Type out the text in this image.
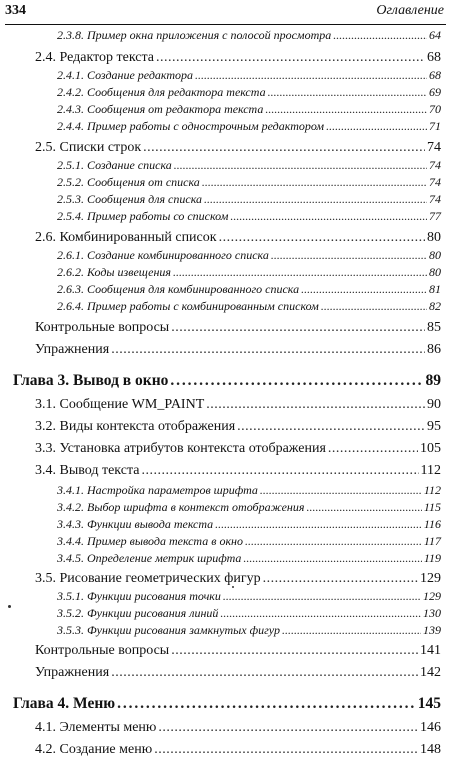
334	Оглавление
2.3.8. Пример окна приложения с полосой просмотра . . .	64
2.4. Редактор текста . . .	68
2.4.1. Создание редактора . . .	68
2.4.2. Сообщения для редактора текста . . .	69
2.4.3. Сообщения от редактора текста . . .	70
2.4.4. Пример работы с однострочным редактором . . .	71
2.5. Списки строк . . .	74
2.5.1. Создание списка . . .	74
2.5.2. Сообщения от списка . . .	74
2.5.3. Сообщения для списка . . .	74
2.5.4. Пример работы со списком . . .	77
2.6. Комбинированный список . . .	80
2.6.1. Создание комбинированного списка . . .	80
2.6.2. Коды извещения . . .	80
2.6.3. Сообщения для комбинированного списка . . .	81
2.6.4. Пример работы с комбинированным списком . . .	82
Контрольные вопросы . . .	85
Упражнения . . .	86
Глава 3. Вывод в окно . . .	89
3.1. Сообщение WM_PAINT . . .	90
3.2. Виды контекста отображения . . .	95
3.3. Установка атрибутов контекста отображения . . .	105
3.4. Вывод текста . . .	112
3.4.1. Настройка параметров шрифта . . .	112
3.4.2. Выбор шрифта в контекст отображения . . .	115
3.4.3. Функции вывода текста . . .	116
3.4.4. Пример вывода текста в окно . . .	117
3.4.5. Определение метрик шрифта . . .	119
3.5. Рисование геометрических фигур . . .	129
3.5.1. Функции рисования точки . . .	129
3.5.2. Функции рисования линий . . .	130
3.5.3. Функции рисования замкнутых фигур . . .	139
Контрольные вопросы . . .	141
Упражнения . . .	142
Глава 4. Меню . . .	145
4.1. Элементы меню . . .	146
4.2. Создание меню . . .	148
